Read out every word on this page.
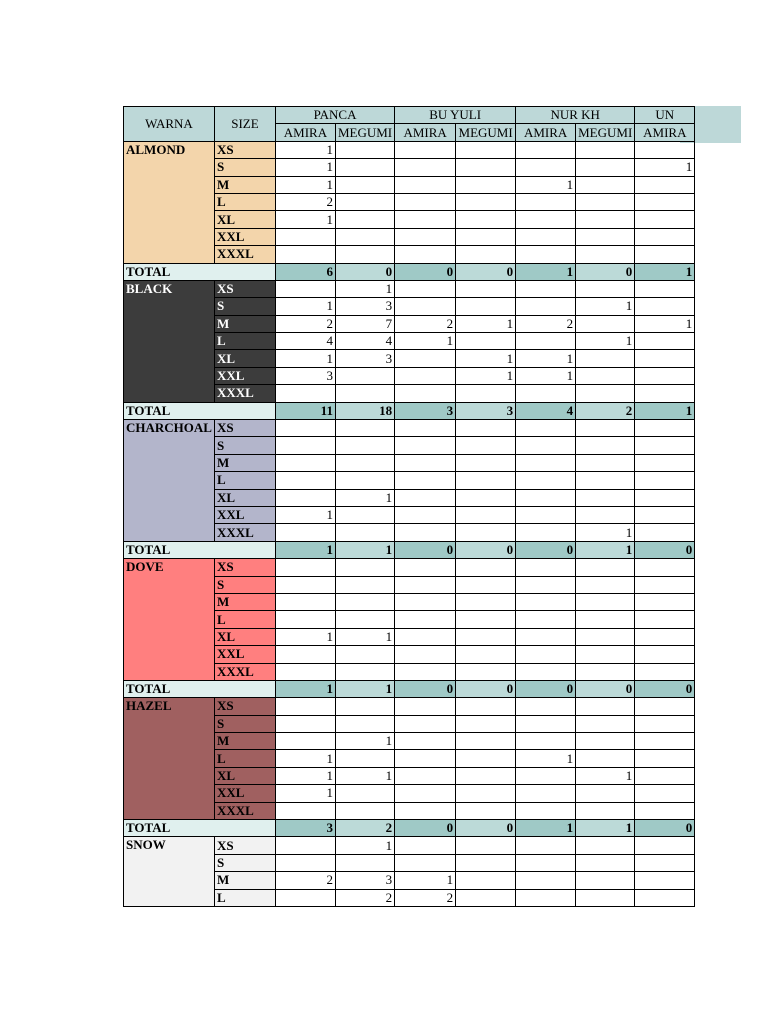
WARNA	SIZE	PANCA		BU YULI		NUR KH		UN
		AMIRA	MEGUMI	AMIRA	MEGUMI	AMIRA	MEGUMI	AMIRA
ALMOND	XS	1						
	S	1						1
	M	1				1		
	L	2						
	XL	1						
	XXL							
	XXXL							
TOTAL		6	0	0	0	1	0	1
BLACK	XS		1					
	S	1	3				1	
	M	2	7	2	1	2		1
	L	4	4	1			1	
	XL	1	3		1	1		
	XXL	3			1	1		
	XXXL							
TOTAL		11	18	3	3	4	2	1
CHARCHOAL	XS							
	S							
	M							
	L							
	XL		1					
	XXL	1						
	XXXL						1	
TOTAL		1	1	0	0	0	1	0
DOVE	XS							
	S							
	M							
	L							
	XL	1	1					
	XXL							
	XXXL							
TOTAL		1	1	0	0	0	0	0
HAZEL	XS							
	S							
	M		1					
	L	1				1		
	XL	1	1				1	
	XXL	1						
	XXXL							
TOTAL		3	2	0	0	1	1	0
SNOW	XS		1					
	S							
	M	2	3	1				
	L		2	2				
